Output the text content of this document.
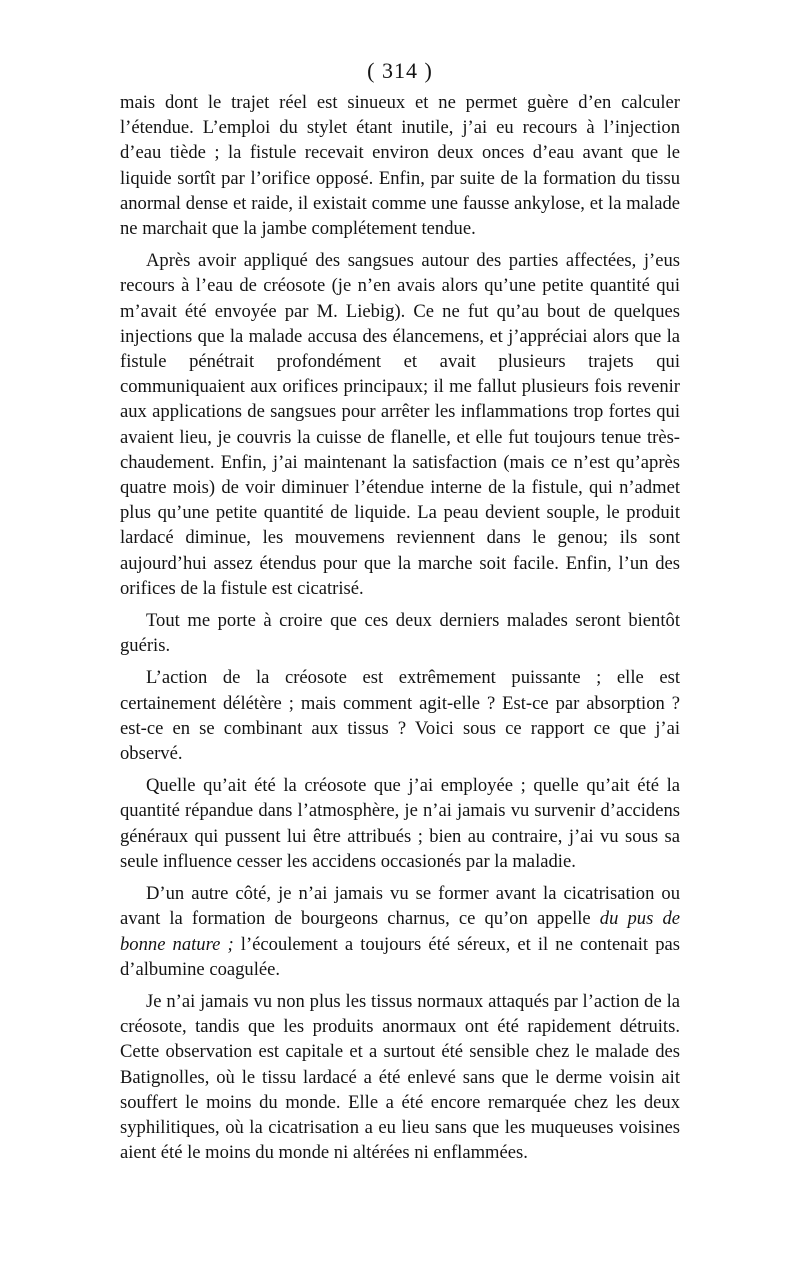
( 314 )

mais dont le trajet réel est sinueux et ne permet guère d’en calculer l’étendue. L’emploi du stylet étant inutile, j’ai eu recours à l’injection d’eau tiède ; la fistule recevait environ deux onces d’eau avant que le liquide sortît par l’orifice opposé. Enfin, par suite de la formation du tissu anormal dense et raide, il existait comme une fausse ankylose, et la malade ne marchait que la jambe complétement tendue.

Après avoir appliqué des sangsues autour des parties affectées, j’eus recours à l’eau de créosote (je n’en avais alors qu’une petite quantité qui m’avait été envoyée par M. Liebig). Ce ne fut qu’au bout de quelques injections que la malade accusa des élancemens, et j’appréciai alors que la fistule pénétrait profondément et avait plusieurs trajets qui communiquaient aux orifices principaux; il me fallut plusieurs fois revenir aux applications de sangsues pour arrêter les inflammations trop fortes qui avaient lieu, je couvris la cuisse de flanelle, et elle fut toujours tenue très-chaudement. Enfin, j’ai maintenant la satisfaction (mais ce n’est qu’après quatre mois) de voir diminuer l’étendue interne de la fistule, qui n’admet plus qu’une petite quantité de liquide. La peau devient souple, le produit lardacé diminue, les mouvemens reviennent dans le genou; ils sont aujourd’hui assez étendus pour que la marche soit facile. Enfin, l’un des orifices de la fistule est cicatrisé.

Tout me porte à croire que ces deux derniers malades seront bientôt guéris.

L’action de la créosote est extrêmement puissante ; elle est certainement délétère ; mais comment agit-elle ? Est-ce par absorption ? est-ce en se combinant aux tissus ? Voici sous ce rapport ce que j’ai observé.

Quelle qu’ait été la créosote que j’ai employée ; quelle qu’ait été la quantité répandue dans l’atmosphère, je n’ai jamais vu survenir d’accidens généraux qui pussent lui être attribués ; bien au contraire, j’ai vu sous sa seule influence cesser les accidens occasionés par la maladie.

D’un autre côté, je n’ai jamais vu se former avant la cicatrisation ou avant la formation de bourgeons charnus, ce qu’on appelle du pus de bonne nature ; l’écoulement a toujours été séreux, et il ne contenait pas d’albumine coagulée.

Je n’ai jamais vu non plus les tissus normaux attaqués par l’action de la créosote, tandis que les produits anormaux ont été rapidement détruits. Cette observation est capitale et a surtout été sensible chez le malade des Batignolles, où le tissu lardacé a été enlevé sans que le derme voisin ait souffert le moins du monde. Elle a été encore remarquée chez les deux syphilitiques, où la cicatrisation a eu lieu sans que les muqueuses voisines aient été le moins du monde ni altérées ni enflammées.
